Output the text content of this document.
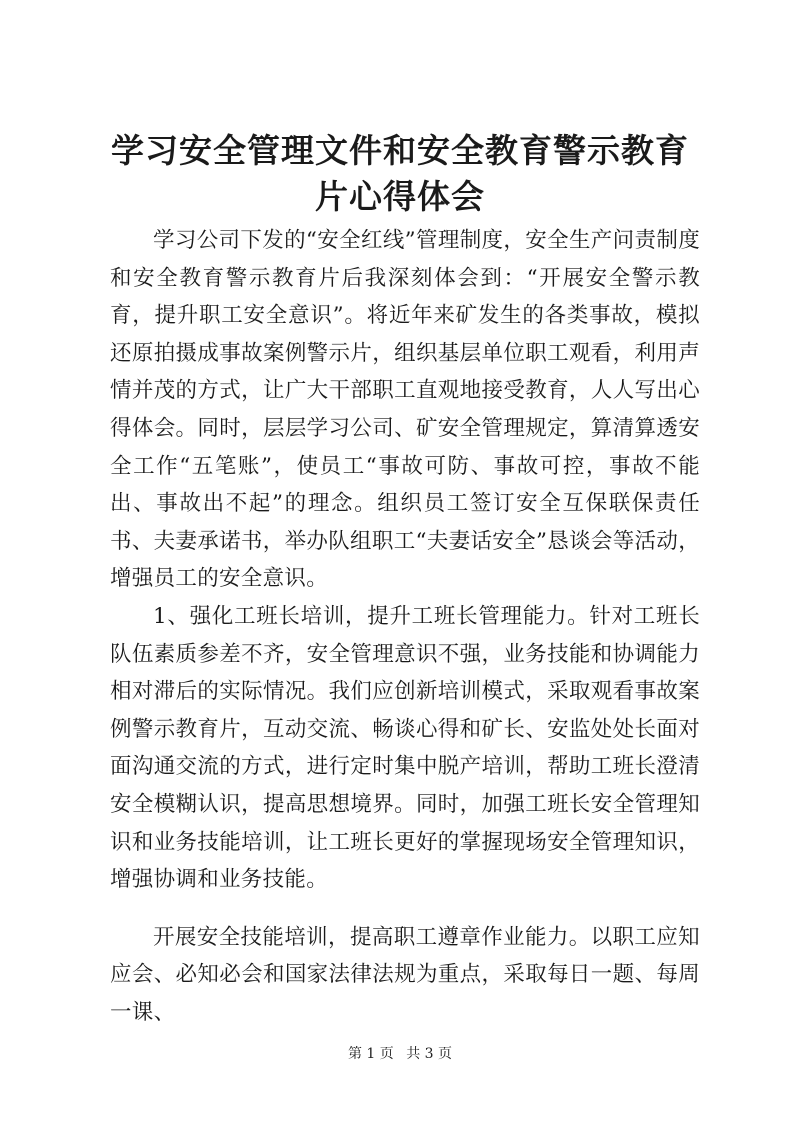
学习安全管理文件和安全教育警示教育片心得体会

学习公司下发的“安全红线”管理制度，安全生产问责制度和安全教育警示教育片后我深刻体会到：“开展安全警示教育，提升职工安全意识”。将近年来矿发生的各类事故，模拟还原拍摄成事故案例警示片，组织基层单位职工观看，利用声情并茂的方式，让广大干部职工直观地接受教育，人人写出心得体会。同时，层层学习公司、矿安全管理规定，算清算透安全工作“五笔账”，使员工“事故可防、事故可控，事故不能出、事故出不起”的理念。组织员工签订安全互保联保责任书、夫妻承诺书，举办队组职工“夫妻话安全”恳谈会等活动，增强员工的安全意识。

1、强化工班长培训，提升工班长管理能力。针对工班长队伍素质参差不齐，安全管理意识不强，业务技能和协调能力相对滞后的实际情况。我们应创新培训模式，采取观看事故案例警示教育片，互动交流、畅谈心得和矿长、安监处处长面对面沟通交流的方式，进行定时集中脱产培训，帮助工班长澄清安全模糊认识，提高思想境界。同时，加强工班长安全管理知识和业务技能培训，让工班长更好的掌握现场安全管理知识，增强协调和业务技能。

开展安全技能培训，提高职工遵章作业能力。以职工应知应会、必知必会和国家法律法规为重点，采取每日一题、每周一课、

第 1 页 共 3 页
